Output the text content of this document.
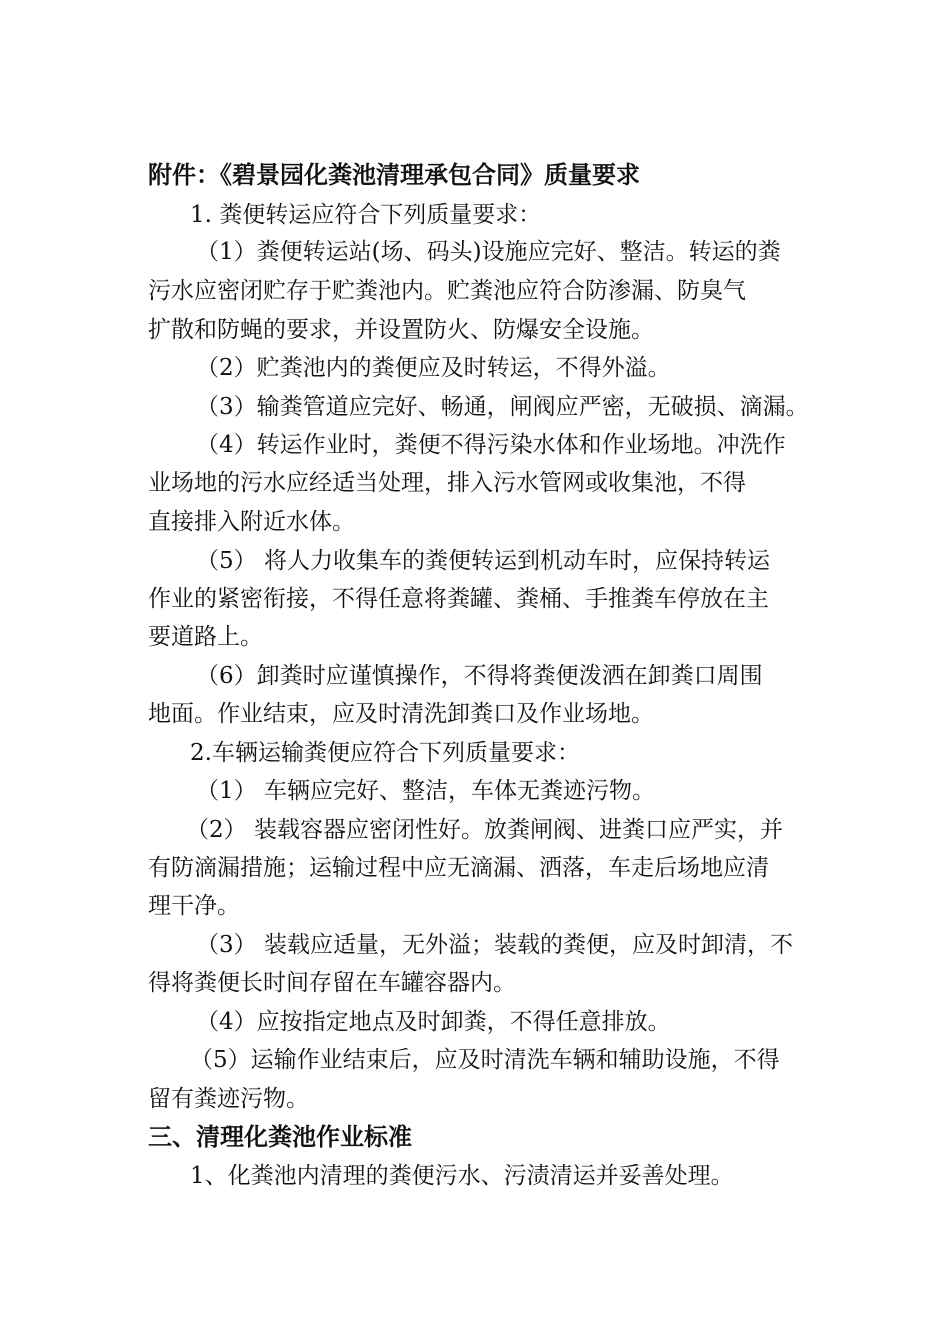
附件：《碧景园化粪池清理承包合同》质量要求
1. 粪便转运应符合下列质量要求：
（1）粪便转运站(场、码头)设施应完好、整洁。转运的粪
污水应密闭贮存于贮粪池内。贮粪池应符合防渗漏、防臭气
扩散和防蝇的要求，并设置防火、防爆安全设施。
（2）贮粪池内的粪便应及时转运，不得外溢。
（3）输粪管道应完好、畅通，闸阀应严密，无破损、滴漏。
（4）转运作业时，粪便不得污染水体和作业场地。冲洗作
业场地的污水应经适当处理，排入污水管网或收集池，不得
直接排入附近水体。
（5） 将人力收集车的粪便转运到机动车时，应保持转运
作业的紧密衔接，不得任意将粪罐、粪桶、手推粪车停放在主
要道路上。
（6）卸粪时应谨慎操作，不得将粪便泼洒在卸粪口周围
地面。作业结束，应及时清洗卸粪口及作业场地。
2.车辆运输粪便应符合下列质量要求：
（1） 车辆应完好、整洁，车体无粪迹污物。
（2） 装载容器应密闭性好。放粪闸阀、进粪口应严实，并
有防滴漏措施；运输过程中应无滴漏、洒落，车走后场地应清
理干净。
（3） 装载应适量，无外溢；装载的粪便，应及时卸清，不
得将粪便长时间存留在车罐容器内。
（4）应按指定地点及时卸粪，不得任意排放。
（5）运输作业结束后，应及时清洗车辆和辅助设施，不得
留有粪迹污物。
三、清理化粪池作业标准
1、化粪池内清理的粪便污水、污渍清运并妥善处理。
